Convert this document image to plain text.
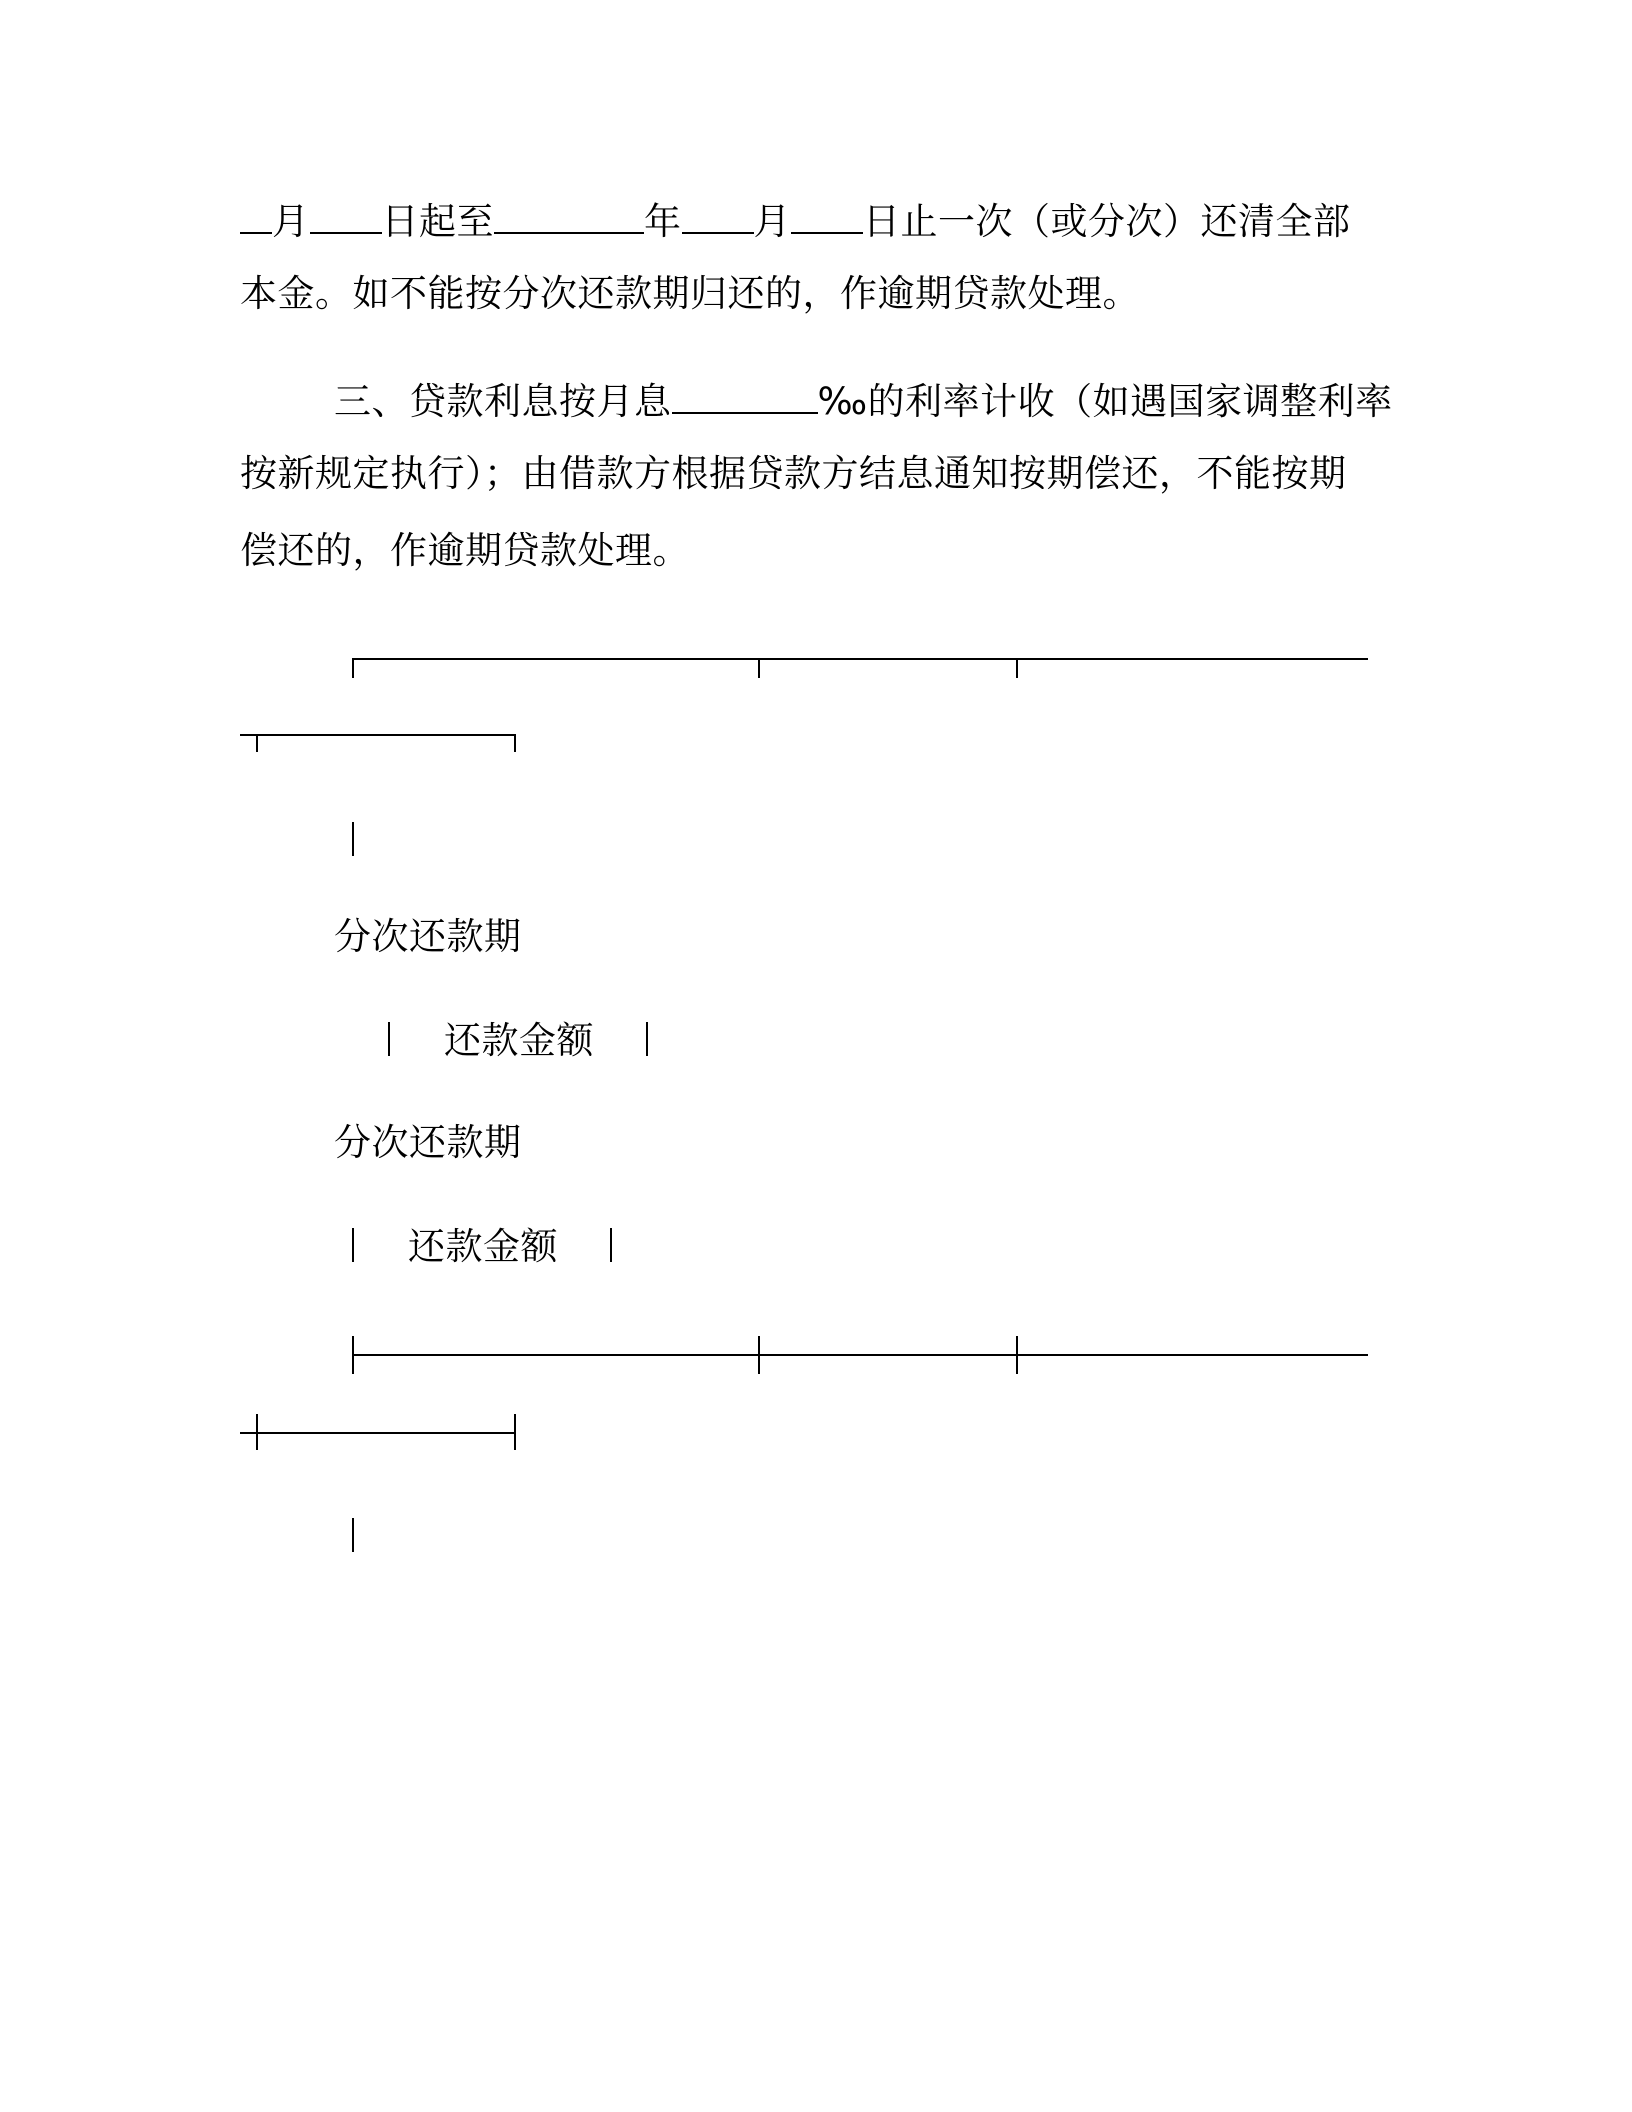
月 日起至	年 月 日止一次（或分次）还清全部
本金。如不能按分次还款期归还的，作逾期贷款处理。
三、贷款利息按月息	‰的利率计收（如遇国家调整利率
按新规定执行）；由借款方根据贷款方结息通知按期偿还，不能按期
偿还的，作逾期贷款处理。
分次还款期
还款金额
分次还款期
还款金额
